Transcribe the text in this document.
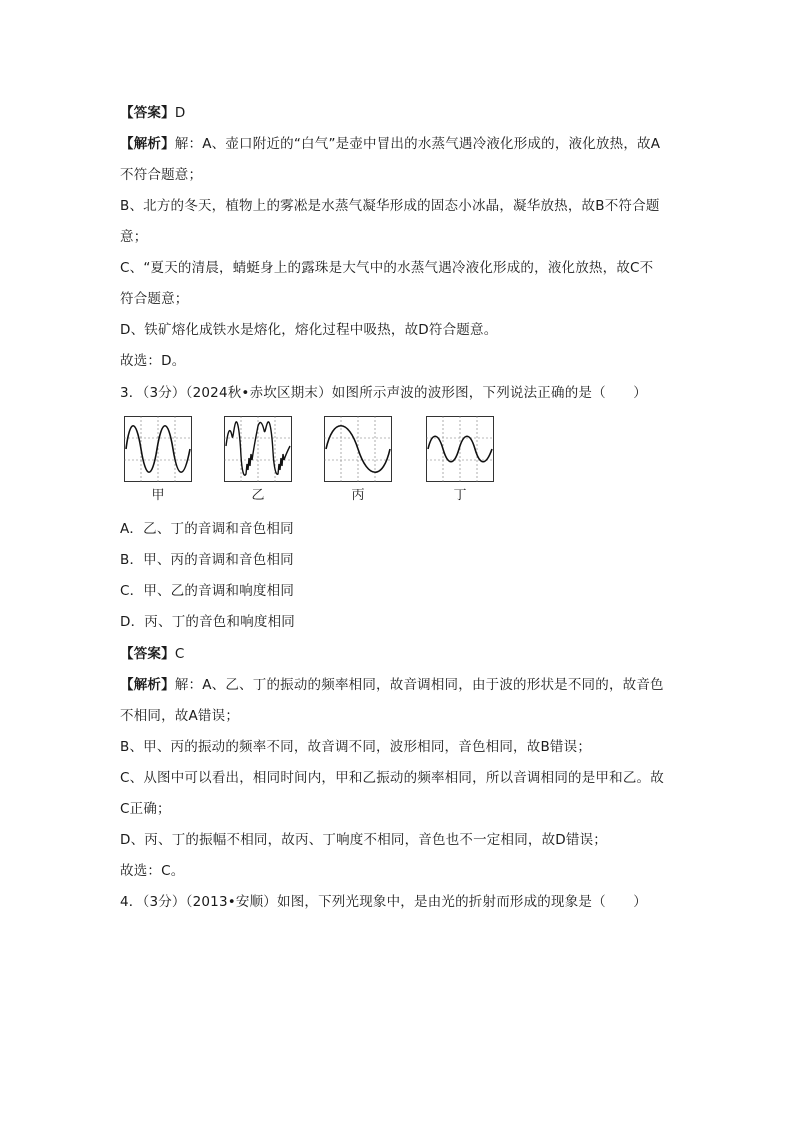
【答案】D
【解析】解：A、壶口附近的“白气”是壶中冒出的水蒸气遇冷液化形成的，液化放热，故A
不符合题意；
B、北方的冬天，植物上的雾凇是水蒸气凝华形成的固态小冰晶，凝华放热，故B不符合题
意；
C、“夏天的清晨，蜻蜓身上的露珠是大气中的水蒸气遇冷液化形成的，液化放热，故C不
符合题意；
D、铁矿熔化成铁水是熔化，熔化过程中吸热，故D符合题意。
故选：D。
3．（3分）（2024秋•赤坎区期末）如图所示声波的波形图，下列说法正确的是（　　）
甲	乙	丙	丁
A．乙、丁的音调和音色相同
B．甲、丙的音调和音色相同
C．甲、乙的音调和响度相同
D．丙、丁的音色和响度相同
【答案】C
【解析】解：A、乙、丁的振动的频率相同，故音调相同，由于波的形状是不同的，故音色
不相同，故A错误；
B、甲、丙的振动的频率不同，故音调不同，波形相同，音色相同，故B错误；
C、从图中可以看出，相同时间内，甲和乙振动的频率相同，所以音调相同的是甲和乙。故
C正确；
D、丙、丁的振幅不相同，故丙、丁响度不相同，音色也不一定相同，故D错误；
故选：C。
4．（3分）（2013•安顺）如图，下列光现象中，是由光的折射而形成的现象是（　　）
